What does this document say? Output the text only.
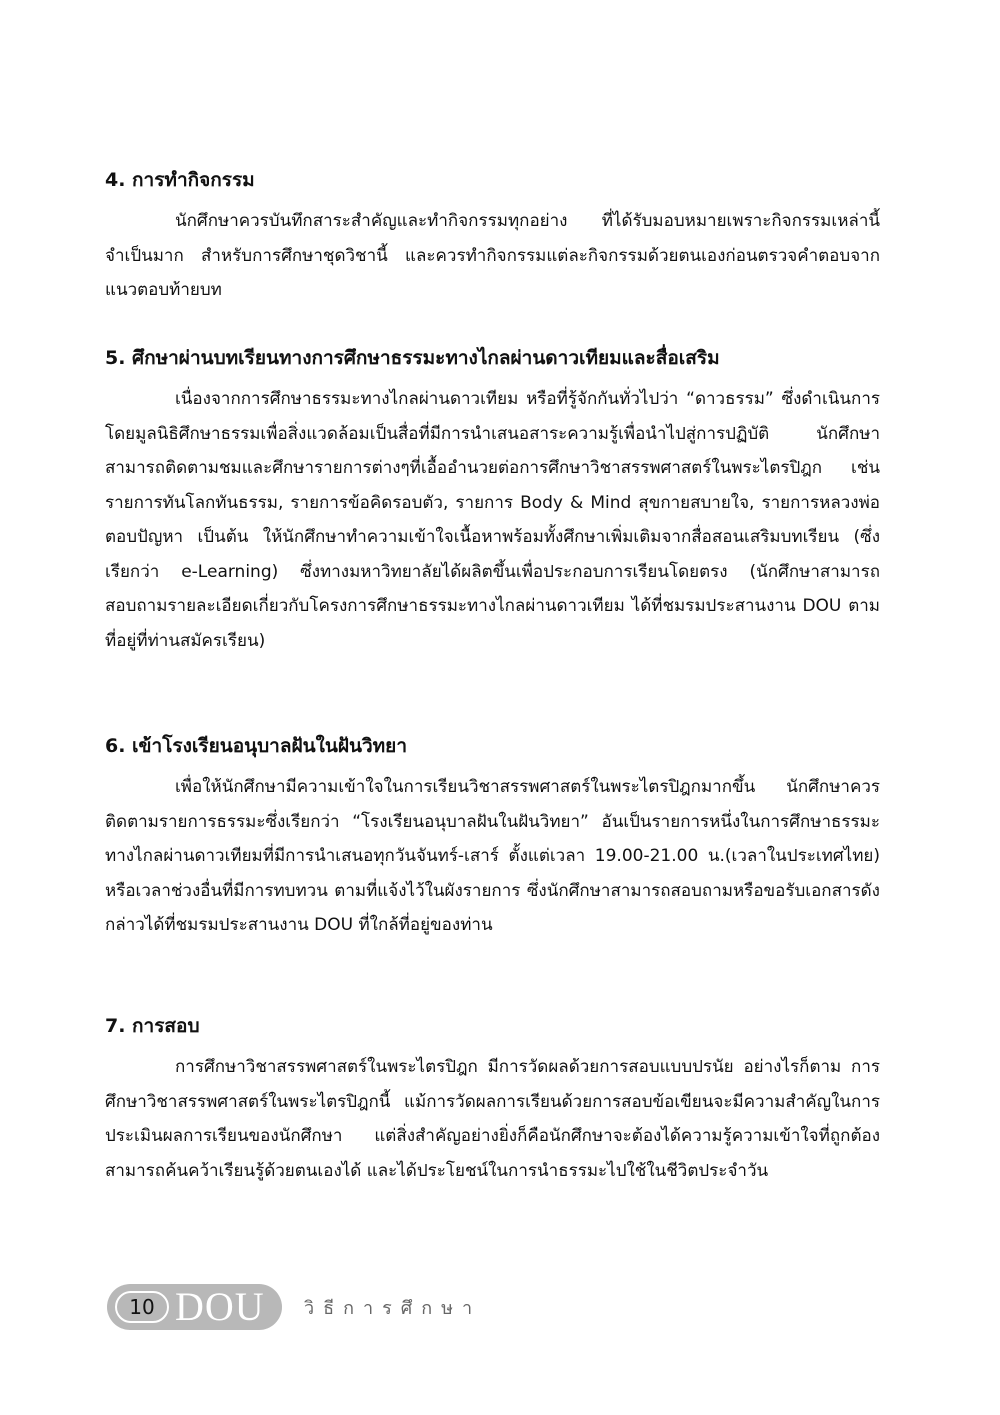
4. การทำกิจกรรม

นักศึกษาควรบันทึกสาระสำคัญและทำกิจกรรมทุกอย่าง ที่ได้รับมอบหมายเพราะกิจกรรมเหล่านี้จำเป็นมาก สำหรับการศึกษาชุดวิชานี้ และควรทำกิจกรรมแต่ละกิจกรรมด้วยตนเองก่อนตรวจคำตอบจากแนวตอบท้ายบท

5. ศึกษาผ่านบทเรียนทางการศึกษาธรรมะทางไกลผ่านดาวเทียมและสื่อเสริม

เนื่องจากการศึกษาธรรมะทางไกลผ่านดาวเทียม หรือที่รู้จักกันทั่วไปว่า “ดาวธรรม” ซึ่งดำเนินการโดยมูลนิธิศึกษาธรรมเพื่อสิ่งแวดล้อมเป็นสื่อที่มีการนำเสนอสาระความรู้เพื่อนำไปสู่การปฏิบัติ นักศึกษาสามารถติดตามชมและศึกษารายการต่างๆที่เอื้ออำนวยต่อการศึกษาวิชาสรรพศาสตร์ในพระไตรปิฎก เช่น รายการทันโลกทันธรรม, รายการข้อคิดรอบตัว, รายการ Body & Mind สุขกายสบายใจ, รายการหลวงพ่อตอบปัญหา เป็นต้น ให้นักศึกษาทำความเข้าใจเนื้อหาพร้อมทั้งศึกษาเพิ่มเติมจากสื่อสอนเสริมบทเรียน (ซึ่งเรียกว่า e-Learning) ซึ่งทางมหาวิทยาลัยได้ผลิตขึ้นเพื่อประกอบการเรียนโดยตรง (นักศึกษาสามารถสอบถามรายละเอียดเกี่ยวกับโครงการศึกษาธรรมะทางไกลผ่านดาวเทียม ได้ที่ชมรมประสานงาน DOU ตามที่อยู่ที่ท่านสมัครเรียน)

6. เข้าโรงเรียนอนุบาลฝันในฝันวิทยา

เพื่อให้นักศึกษามีความเข้าใจในการเรียนวิชาสรรพศาสตร์ในพระไตรปิฎกมากขึ้น นักศึกษาควรติดตามรายการธรรมะซึ่งเรียกว่า “โรงเรียนอนุบาลฝันในฝันวิทยา” อันเป็นรายการหนึ่งในการศึกษาธรรมะทางไกลผ่านดาวเทียมที่มีการนำเสนอทุกวันจันทร์-เสาร์ ตั้งแต่เวลา 19.00-21.00 น.(เวลาในประเทศไทย) หรือเวลาช่วงอื่นที่มีการทบทวน ตามที่แจ้งไว้ในผังรายการ ซึ่งนักศึกษาสามารถสอบถามหรือขอรับเอกสารดังกล่าวได้ที่ชมรมประสานงาน DOU ที่ใกล้ที่อยู่ของท่าน

7. การสอบ

การศึกษาวิชาสรรพศาสตร์ในพระไตรปิฎก มีการวัดผลด้วยการสอบแบบปรนัย อย่างไรก็ตาม การศึกษาวิชาสรรพศาสตร์ในพระไตรปิฎกนี้ แม้การวัดผลการเรียนด้วยการสอบข้อเขียนจะมีความสำคัญในการประเมินผลการเรียนของนักศึกษา แต่สิ่งสำคัญอย่างยิ่งก็คือนักศึกษาจะต้องได้ความรู้ความเข้าใจที่ถูกต้อง สามารถค้นคว้าเรียนรู้ด้วยตนเองได้ และได้ประโยชน์ในการนำธรรมะไปใช้ในชีวิตประจำวัน

10 DOU วิธีการศึกษา
